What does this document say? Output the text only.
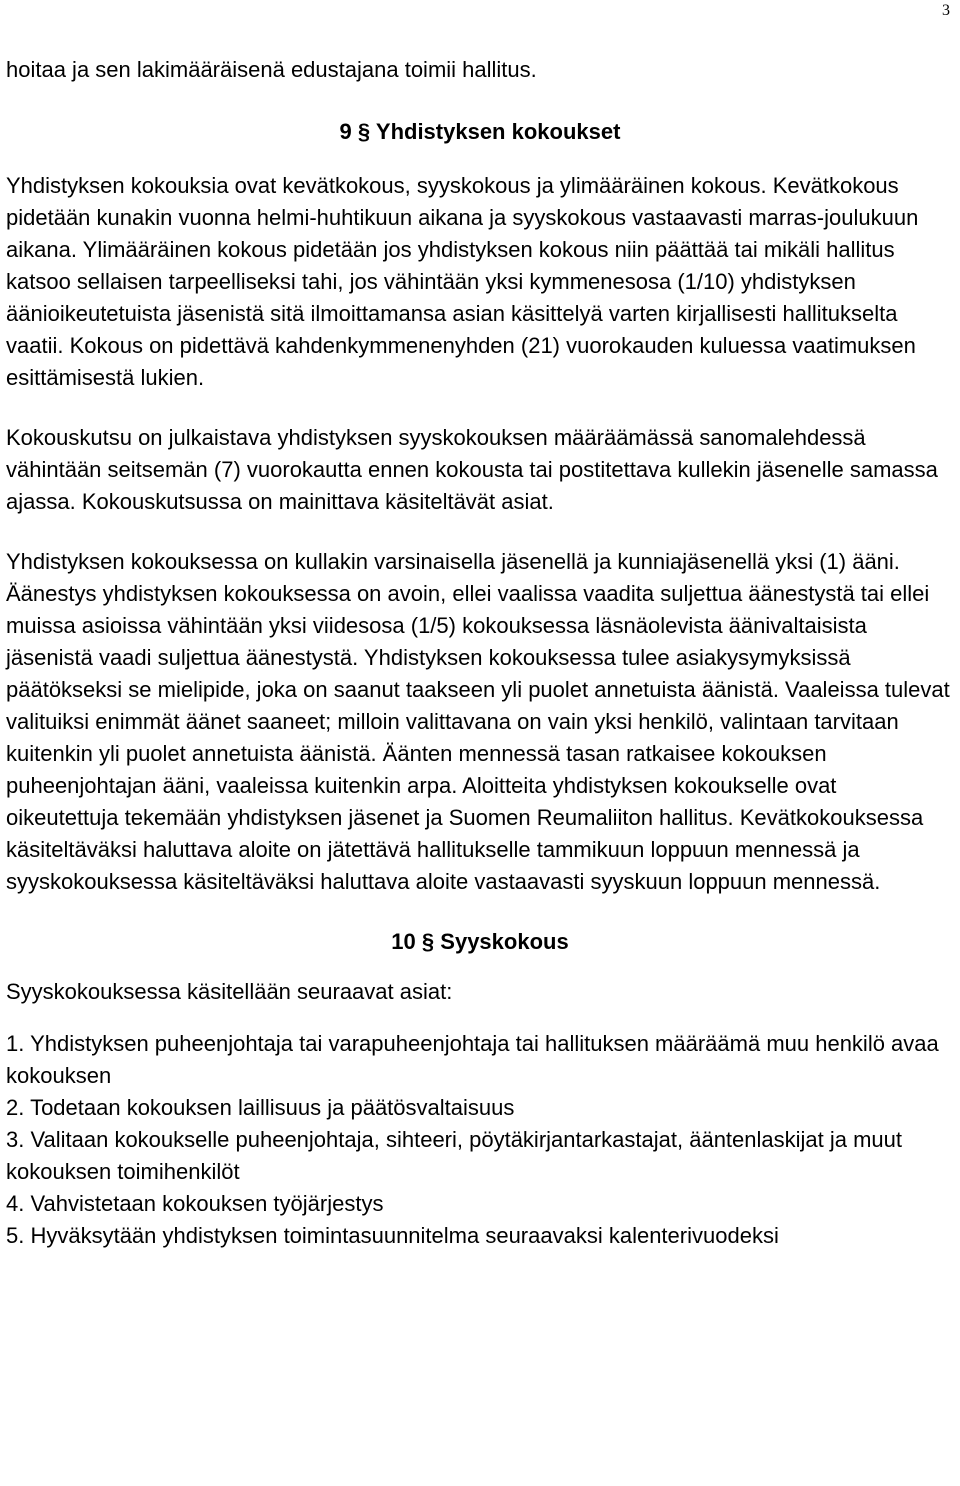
3

hoitaa ja sen lakimääräisenä edustajana toimii hallitus.

9 § Yhdistyksen kokoukset

Yhdistyksen kokouksia ovat kevätkokous, syyskokous ja ylimääräinen kokous. Kevätkokous pidetään kunakin vuonna helmi-huhtikuun aikana ja syyskokous vastaavasti marras-joulukuun aikana. Ylimääräinen kokous pidetään jos yhdistyksen kokous niin päättää tai mikäli hallitus katsoo sellaisen tarpeelliseksi tahi, jos vähintään yksi kymmenesosa (1/10) yhdistyksen äänioikeutetuista jäsenistä sitä ilmoittamansa asian käsittelyä varten kirjallisesti hallitukselta vaatii. Kokous on pidettävä kahdenkymmenenyhden (21) vuorokauden kuluessa vaatimuksen esittämisestä lukien.

Kokouskutsu on julkaistava yhdistyksen syyskokouksen määräämässä sanomalehdessä vähintään seitsemän (7) vuorokautta ennen kokousta tai postitettava kullekin jäsenelle samassa ajassa. Kokouskutsussa on mainittava käsiteltävät asiat.

Yhdistyksen kokouksessa on kullakin varsinaisella jäsenellä ja kunniajäsenellä yksi (1) ääni. Äänestys yhdistyksen kokouksessa on avoin, ellei vaalissa vaadita suljettua äänestystä tai ellei muissa asioissa vähintään yksi viidesosa (1/5) kokouksessa läsnäolevista äänivaltaisista jäsenistä vaadi suljettua äänestystä. Yhdistyksen kokouksessa tulee asiakysymyksissä päätökseksi se mielipide, joka on saanut taakseen yli puolet annetuista äänistä. Vaaleissa tulevat valituiksi enimmät äänet saaneet; milloin valittavana on vain yksi henkilö, valintaan tarvitaan kuitenkin yli puolet annetuista äänistä. Äänten mennessä tasan ratkaisee kokouksen puheenjohtajan ääni, vaaleissa kuitenkin arpa. Aloitteita yhdistyksen kokoukselle ovat oikeutettuja tekemään yhdistyksen jäsenet ja Suomen Reumaliiton hallitus. Kevätkokouksessa käsiteltäväksi haluttava aloite on jätettävä hallitukselle tammikuun loppuun mennessä ja syyskokouksessa käsiteltäväksi haluttava aloite vastaavasti syyskuun loppuun mennessä.

10 § Syyskokous

Syyskokouksessa käsitellään seuraavat asiat:

1. Yhdistyksen puheenjohtaja tai varapuheenjohtaja tai hallituksen määräämä muu henkilö avaa kokouksen

2. Todetaan kokouksen laillisuus ja päätösvaltaisuus

3. Valitaan kokoukselle puheenjohtaja, sihteeri, pöytäkirjantarkastajat, ääntenlaskijat ja muut kokouksen toimihenkilöt

4. Vahvistetaan kokouksen työjärjestys

5. Hyväksytään yhdistyksen toimintasuunnitelma seuraavaksi kalenterivuodeksi
